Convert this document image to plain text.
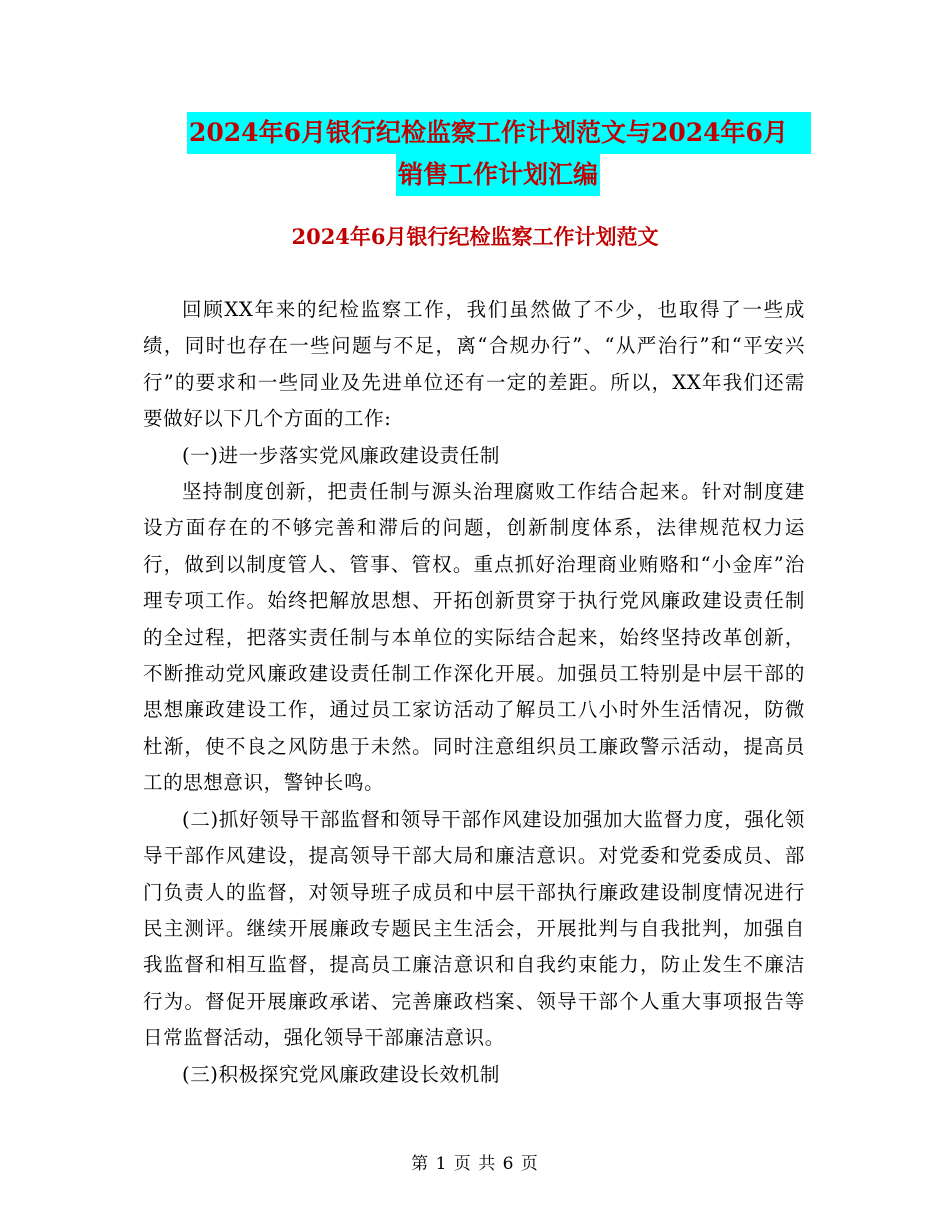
2024年6月银行纪检监察工作计划范文与2024年6月
销售工作计划汇编
2024年6月银行纪检监察工作计划范文

回顾XX年来的纪检监察工作，我们虽然做了不少，也取得了一些成绩，同时也存在一些问题与不足，离“合规办行”、“从严治行”和“平安兴行”的要求和一些同业及先进单位还有一定的差距。所以，XX年我们还需要做好以下几个方面的工作:

(一)进一步落实党风廉政建设责任制

坚持制度创新，把责任制与源头治理腐败工作结合起来。针对制度建设方面存在的不够完善和滞后的问题，创新制度体系，法律规范权力运行，做到以制度管人、管事、管权。重点抓好治理商业贿赂和“小金库”治理专项工作。始终把解放思想、开拓创新贯穿于执行党风廉政建设责任制的全过程，把落实责任制与本单位的实际结合起来，始终坚持改革创新，不断推动党风廉政建设责任制工作深化开展。加强员工特别是中层干部的思想廉政建设工作，通过员工家访活动了解员工八小时外生活情况，防微杜渐，使不良之风防患于未然。同时注意组织员工廉政警示活动，提高员工的思想意识，警钟长鸣。

(二)抓好领导干部监督和领导干部作风建设加强加大监督力度，强化领导干部作风建设，提高领导干部大局和廉洁意识。对党委和党委成员、部门负责人的监督，对领导班子成员和中层干部执行廉政建设制度情况进行民主测评。继续开展廉政专题民主生活会，开展批判与自我批判，加强自我监督和相互监督，提高员工廉洁意识和自我约束能力，防止发生不廉洁行为。督促开展廉政承诺、完善廉政档案、领导干部个人重大事项报告等日常监督活动，强化领导干部廉洁意识。

(三)积极探究党风廉政建设长效机制

第 1 页 共 6 页
